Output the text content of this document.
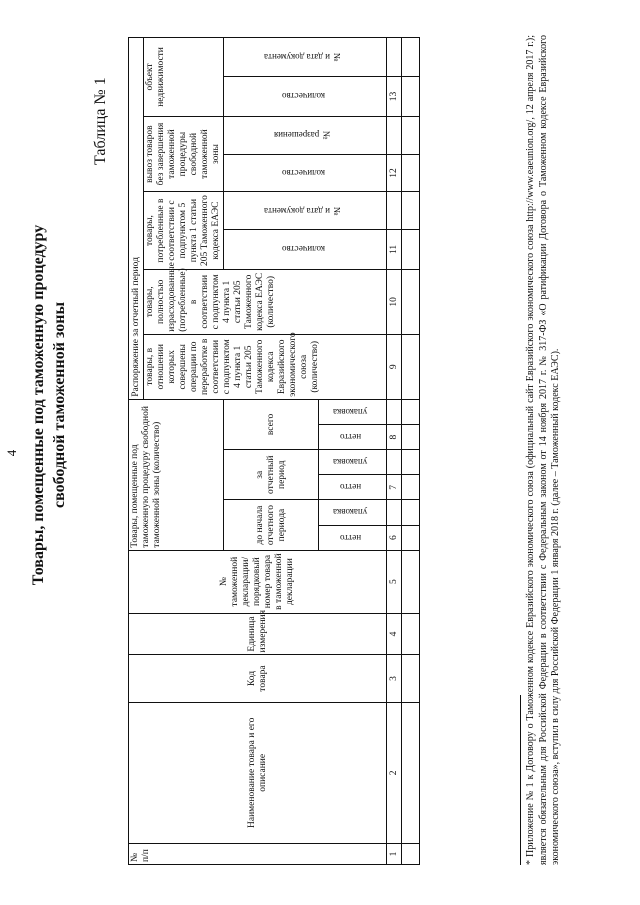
4 Товары, помещенные под таможенную процедуру свободной таможенной зоны
Таблица № 1
№ п/п	Наименование товара и его описание	Код товара	Единица измерения	№ таможенной декларации/ порядковый номер товара в таможенной декларации	Товары, помещенные под таможенную процедуру свободной таможенной зоны (количество)						Распоряжение за отчетный период							
											товары, в отношении которых совершены операции по переработке в соответствии с подпунктом 4 пункта 1 статьи 205 Таможенного кодекса Евразийского экономического союза (количество)	товары, полностью израсходованные (потребленные) в соответствии с подпунктом 4 пункта 1 статьи 205 Таможенного кодекса ЕАЭС (количество)	товары, потребленные в соответствии с подпунктом 5 пункта 1 статьи 205 Таможенного кодекса ЕАЭС		вывоз товаров без завершения таможенной процедуры свободной таможенной зоны		объект недвижимости	
					до начала отчетного периода		за отчетный период		всего				количество	№ и дата документа	количество	№ разрешения	количество	№ и дата документа
					нетто	упаковка	нетто	упаковка	нетто	упаковка								
1	2	3	4	5	6		7		8		9	10	11		12		13	
																			* Приложение № 1 к Договору о Таможенном кодексе Евразийского экономического союза (официальный сайт Евразийского экономического союза http://www.eaeunion.org/, 12 апреля 2017 г.); является обязательным для Российской Федерации в соответствии с Федеральным законом от 14 ноября 2017 г. № 317-ФЗ «О ратификации Договора о Таможенном кодексе Евразийского экономического союза», вступил в силу для Российской Федерации 1 января 2018 г. (далее – Таможенный кодекс ЕАЭС).
